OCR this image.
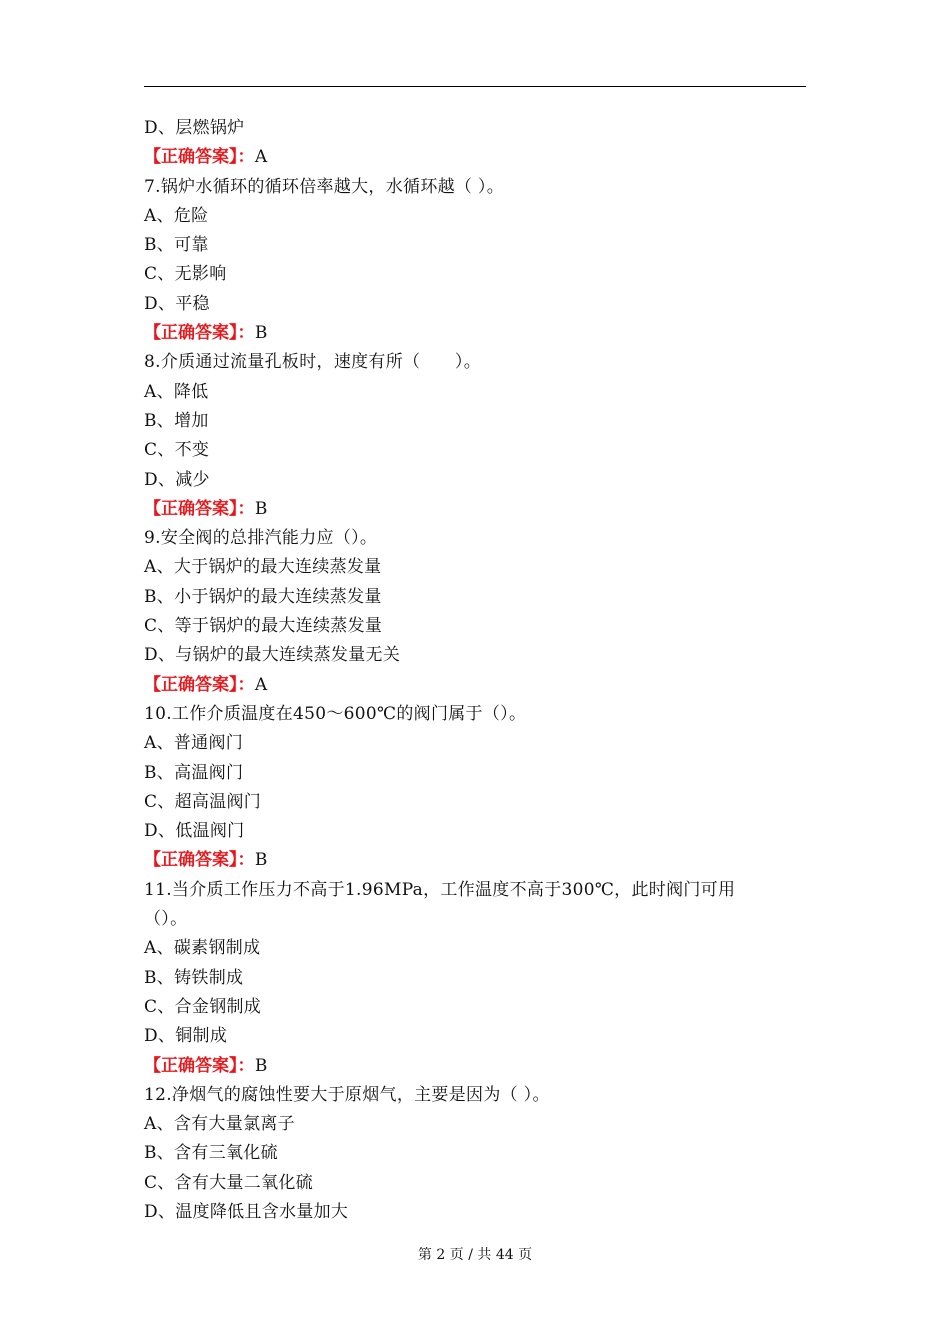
D、层燃锅炉
【正确答案】：A
7.锅炉水循环的循环倍率越大，水循环越（ ）。
A、危险
B、可靠
C、无影响
D、平稳
【正确答案】：B
8.介质通过流量孔板时，速度有所（　　）。
A、降低
B、增加
C、不变
D、减少
【正确答案】：B
9.安全阀的总排汽能力应（）。
A、大于锅炉的最大连续蒸发量
B、小于锅炉的最大连续蒸发量
C、等于锅炉的最大连续蒸发量
D、与锅炉的最大连续蒸发量无关
【正确答案】：A
10.工作介质温度在450～600℃的阀门属于（）。
A、普通阀门
B、高温阀门
C、超高温阀门
D、低温阀门
【正确答案】：B
11.当介质工作压力不高于1.96MPa，工作温度不高于300℃，此时阀门可用
（）。
A、碳素钢制成
B、铸铁制成
C、合金钢制成
D、铜制成
【正确答案】：B
12.净烟气的腐蚀性要大于原烟气，主要是因为（ ）。
A、含有大量氯离子
B、含有三氧化硫
C、含有大量二氧化硫
D、温度降低且含水量加大
第 2 页 / 共 44 页
